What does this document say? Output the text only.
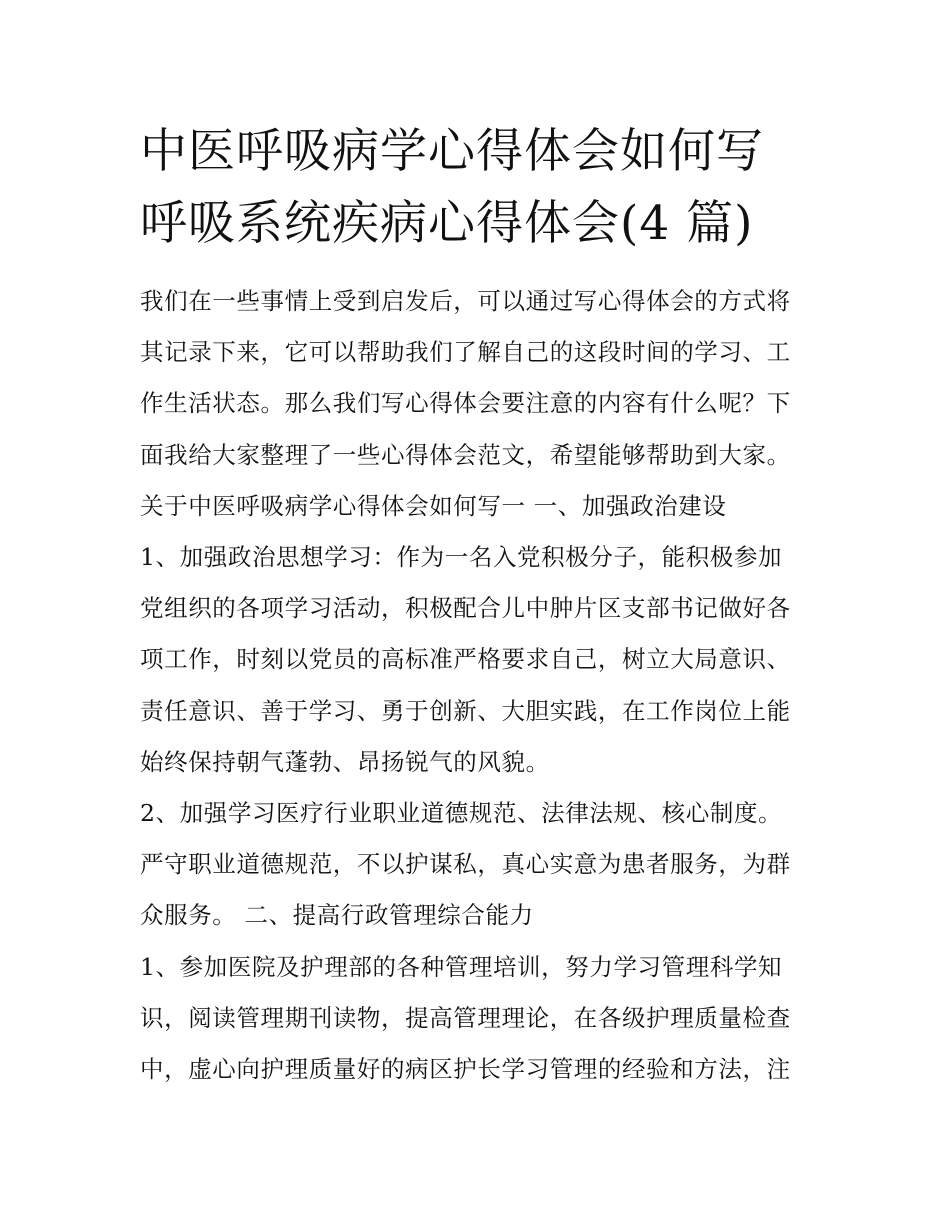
中医呼吸病学心得体会如何写
呼吸系统疾病心得体会(4 篇)
我们在一些事情上受到启发后，可以通过写心得体会的方式将
其记录下来，它可以帮助我们了解自己的这段时间的学习、工
作生活状态。那么我们写心得体会要注意的内容有什么呢？下
面我给大家整理了一些心得体会范文，希望能够帮助到大家。
关于中医呼吸病学心得体会如何写一 一、加强政治建设
1、加强政治思想学习：作为一名入党积极分子，能积极参加
党组织的各项学习活动，积极配合儿中肿片区支部书记做好各
项工作，时刻以党员的高标准严格要求自己，树立大局意识、
责任意识、善于学习、勇于创新、大胆实践，在工作岗位上能
始终保持朝气蓬勃、昂扬锐气的风貌。
2、加强学习医疗行业职业道德规范、法律法规、核心制度。
严守职业道德规范，不以护谋私，真心实意为患者服务，为群
众服务。 二、提高行政管理综合能力
1、参加医院及护理部的各种管理培训，努力学习管理科学知
识，阅读管理期刊读物，提高管理理论，在各级护理质量检查
中，虚心向护理质量好的病区护长学习管理的经验和方法，注
